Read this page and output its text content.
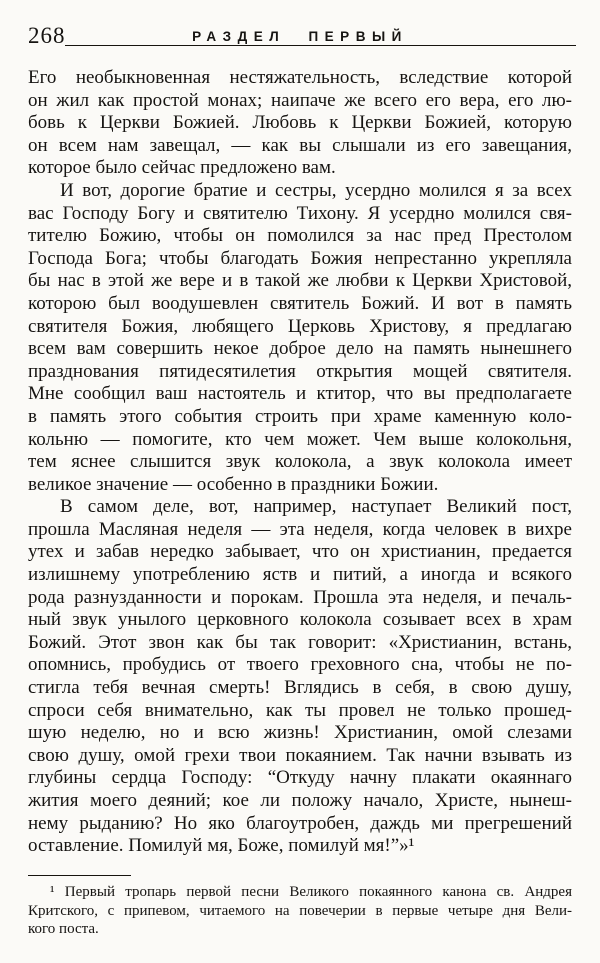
268	РАЗДЕЛ ПЕРВЫЙ
Его необыкновенная нестяжательность, вследствие которой
он жил как простой монах; наипаче же всего его вера, его лю-
бовь к Церкви Божией. Любовь к Церкви Божией, которую
он всем нам завещал, — как вы слышали из его завещания,
которое было сейчас предложено вам.
И вот, дорогие братие и сестры, усердно молился я за всех
вас Господу Богу и святителю Тихону. Я усердно молился свя-
тителю Божию, чтобы он помолился за нас пред Престолом
Господа Бога; чтобы благодать Божия непрестанно укрепляла
бы нас в этой же вере и в такой же любви к Церкви Христовой,
которою был воодушевлен святитель Божий. И вот в память
святителя Божия, любящего Церковь Христову, я предлагаю
всем вам совершить некое доброе дело на память нынешнего
празднования пятидесятилетия открытия мощей святителя.
Мне сообщил ваш настоятель и ктитор, что вы предполагаете
в память этого события строить при храме каменную коло-
кольню — помогите, кто чем может. Чем выше колокольня,
тем яснее слышится звук колокола, а звук колокола имеет
великое значение — особенно в праздники Божии.
В самом деле, вот, например, наступает Великий пост,
прошла Масляная неделя — эта неделя, когда человек в вихре
утех и забав нередко забывает, что он христианин, предается
излишнему употреблению яств и питий, а иногда и всякого
рода разнузданности и порокам. Прошла эта неделя, и печаль-
ный звук унылого церковного колокола созывает всех в храм
Божий. Этот звон как бы так говорит: «Христианин, встань,
опомнись, пробудись от твоего греховного сна, чтобы не по-
стигла тебя вечная смерть! Вглядись в себя, в свою душу,
спроси себя внимательно, как ты провел не только прошед-
шую неделю, но и всю жизнь! Христианин, омой слезами
свою душу, омой грехи твои покаянием. Так начни взывать из
глубины сердца Господу: “Откуду начну плакати окаяннаго
жития моего деяний; кое ли положу начало, Христе, нынеш-
нему рыданию? Но яко благоутробен, даждь ми прегрешений
оставление. Помилуй мя, Боже, помилуй мя!”»¹
¹ Первый тропарь первой песни Великого покаянного канона св. Андрея
Критского, с припевом, читаемого на повечерии в первые четыре дня Вели-
кого поста.
